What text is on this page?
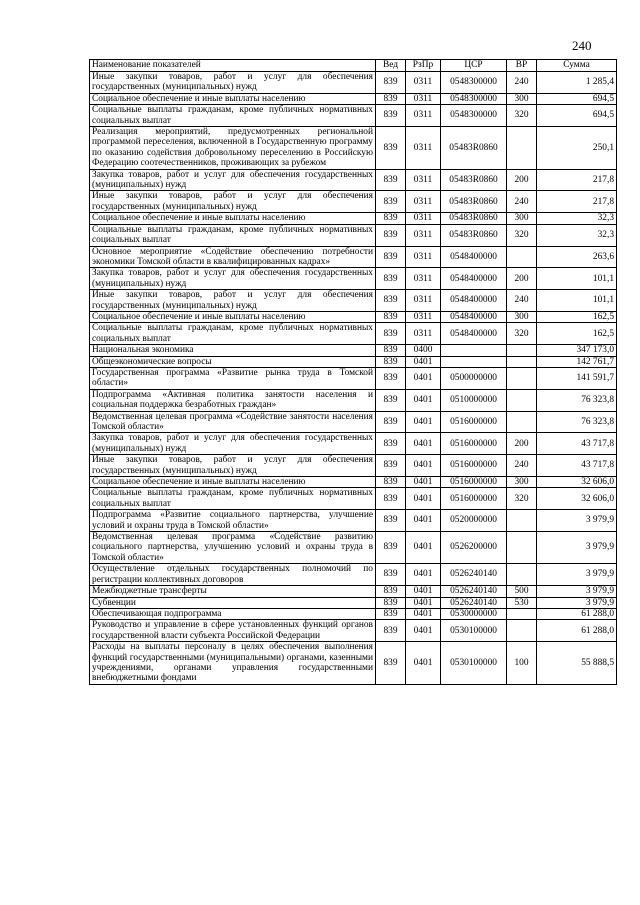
240
Наименование показателей	Вед	РзПр	ЦСР	ВР	Сумма
Иные закупки товаров, работ и услуг для обеспечения государственных (муниципальных) нужд	839	0311	0548300000	240	1 285,4
Социальное обеспечение и иные выплаты населению	839	0311	0548300000	300	694,5
Социальные выплаты гражданам, кроме публичных нормативных социальных выплат	839	0311	0548300000	320	694,5
Реализация мероприятий, предусмотренных региональной программой переселения, включенной в Государственную программу по оказанию содействия добровольному переселению в Российскую Федерацию соотечественников, проживающих за рубежом	839	0311	05483R0860		250,1
Закупка товаров, работ и услуг для обеспечения государственных (муниципальных) нужд	839	0311	05483R0860	200	217,8
Иные закупки товаров, работ и услуг для обеспечения государственных (муниципальных) нужд	839	0311	05483R0860	240	217,8
Социальное обеспечение и иные выплаты населению	839	0311	05483R0860	300	32,3
Социальные выплаты гражданам, кроме публичных нормативных социальных выплат	839	0311	05483R0860	320	32,3
Основное мероприятие «Содействие обеспечению потребности экономики Томской области в квалифицированных кадрах»	839	0311	0548400000		263,6
Закупка товаров, работ и услуг для обеспечения государственных (муниципальных) нужд	839	0311	0548400000	200	101,1
Иные закупки товаров, работ и услуг для обеспечения государственных (муниципальных) нужд	839	0311	0548400000	240	101,1
Социальное обеспечение и иные выплаты населению	839	0311	0548400000	300	162,5
Социальные выплаты гражданам, кроме публичных нормативных социальных выплат	839	0311	0548400000	320	162,5
Национальная экономика	839	0400			347 173,0
Общеэкономические вопросы	839	0401			142 761,7
Государственная программа «Развитие рынка труда в Томской области»	839	0401	0500000000		141 591,7
Подпрограмма «Активная политика занятости населения и социальная поддержка безработных граждан»	839	0401	0510000000		76 323,8
Ведомственная целевая программа «Содействие занятости населения Томской области»	839	0401	0516000000		76 323,8
Закупка товаров, работ и услуг для обеспечения государственных (муниципальных) нужд	839	0401	0516000000	200	43 717,8
Иные закупки товаров, работ и услуг для обеспечения государственных (муниципальных) нужд	839	0401	0516000000	240	43 717,8
Социальное обеспечение и иные выплаты населению	839	0401	0516000000	300	32 606,0
Социальные выплаты гражданам, кроме публичных нормативных социальных выплат	839	0401	0516000000	320	32 606,0
Подпрограмма «Развитие социального партнерства, улучшение условий и охраны труда в Томской области»	839	0401	0520000000		3 979,9
Ведомственная целевая программа «Содействие развитию социального партнерства, улучшению условий и охраны труда в Томской области»	839	0401	0526200000		3 979,9
Осуществление отдельных государственных полномочий по регистрации коллективных договоров	839	0401	0526240140		3 979,9
Межбюджетные трансферты	839	0401	0526240140	500	3 979,9
Субвенции	839	0401	0526240140	530	3 979,9
Обеспечивающая подпрограмма	839	0401	0530000000		61 288,0
Руководство и управление в сфере установленных функций органов государственной власти субъекта Российской Федерации	839	0401	0530100000		61 288,0
Расходы на выплаты персоналу в целях обеспечения выполнения функций государственными (муниципальными) органами, казенными учреждениями, органами управления государственными внебюджетными фондами	839	0401	0530100000	100	55 888,5
